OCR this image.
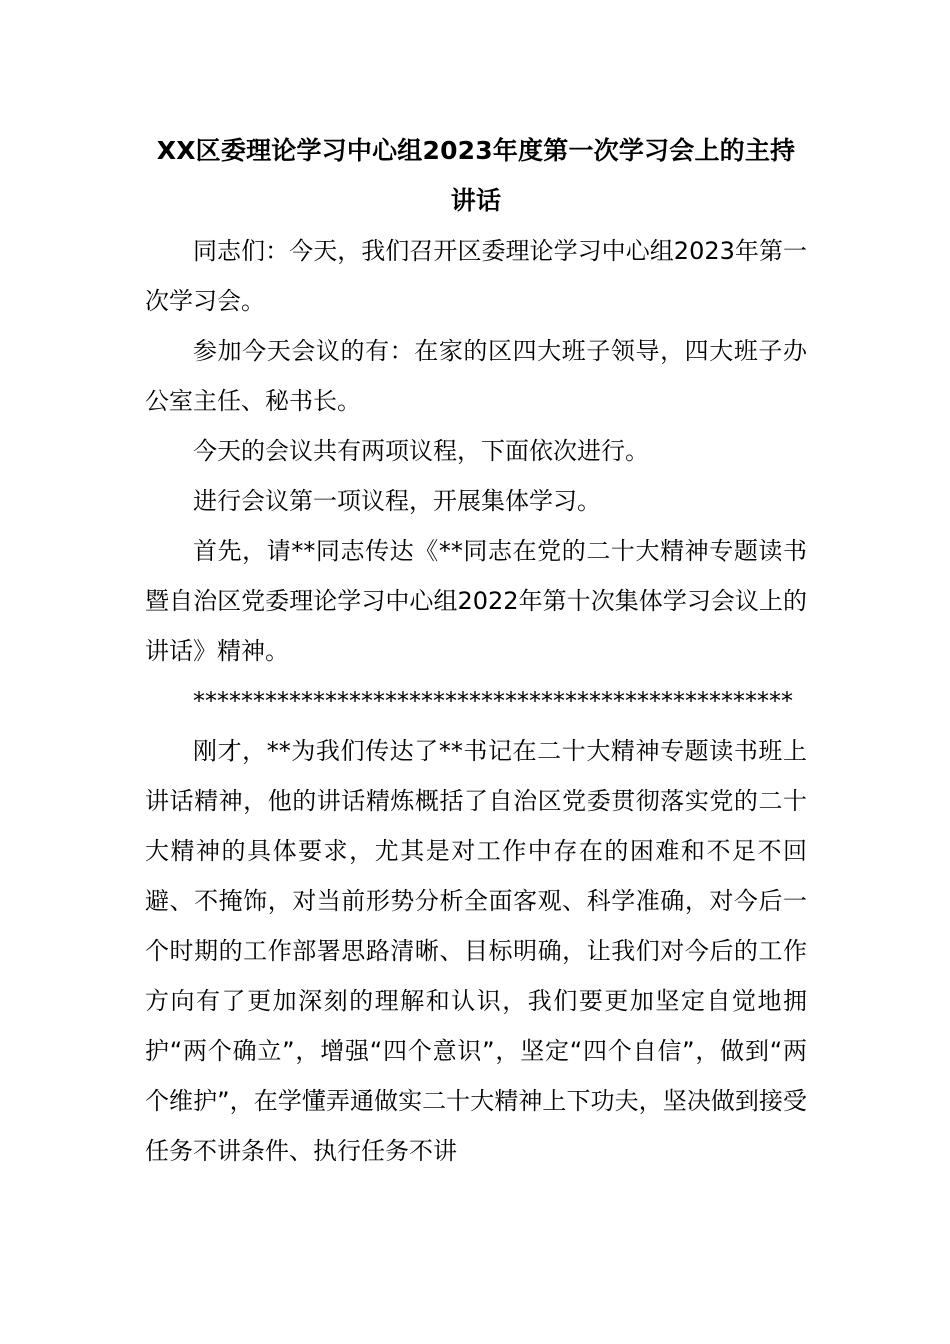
XX区委理论学习中心组2023年度第一次学习会上的主持讲话

同志们：今天，我们召开区委理论学习中心组2023年第一次学习会。

参加今天会议的有：在家的区四大班子领导，四大班子办公室主任、秘书长。

今天的会议共有两项议程，下面依次进行。

进行会议第一项议程，开展集体学习。

首先，请**同志传达《**同志在党的二十大精神专题读书暨自治区党委理论学习中心组2022年第十次集体学习会议上的讲话》精神。

**************************************************

刚才，**为我们传达了**书记在二十大精神专题读书班上讲话精神，他的讲话精炼概括了自治区党委贯彻落实党的二十大精神的具体要求，尤其是对工作中存在的困难和不足不回避、不掩饰，对当前形势分析全面客观、科学准确，对今后一个时期的工作部署思路清晰、目标明确，让我们对今后的工作方向有了更加深刻的理解和认识，我们要更加坚定自觉地拥护“两个确立”，增强“四个意识”，坚定“四个自信”，做到“两个维护”，在学懂弄通做实二十大精神上下功夫，坚决做到接受任务不讲条件、执行任务不讲
